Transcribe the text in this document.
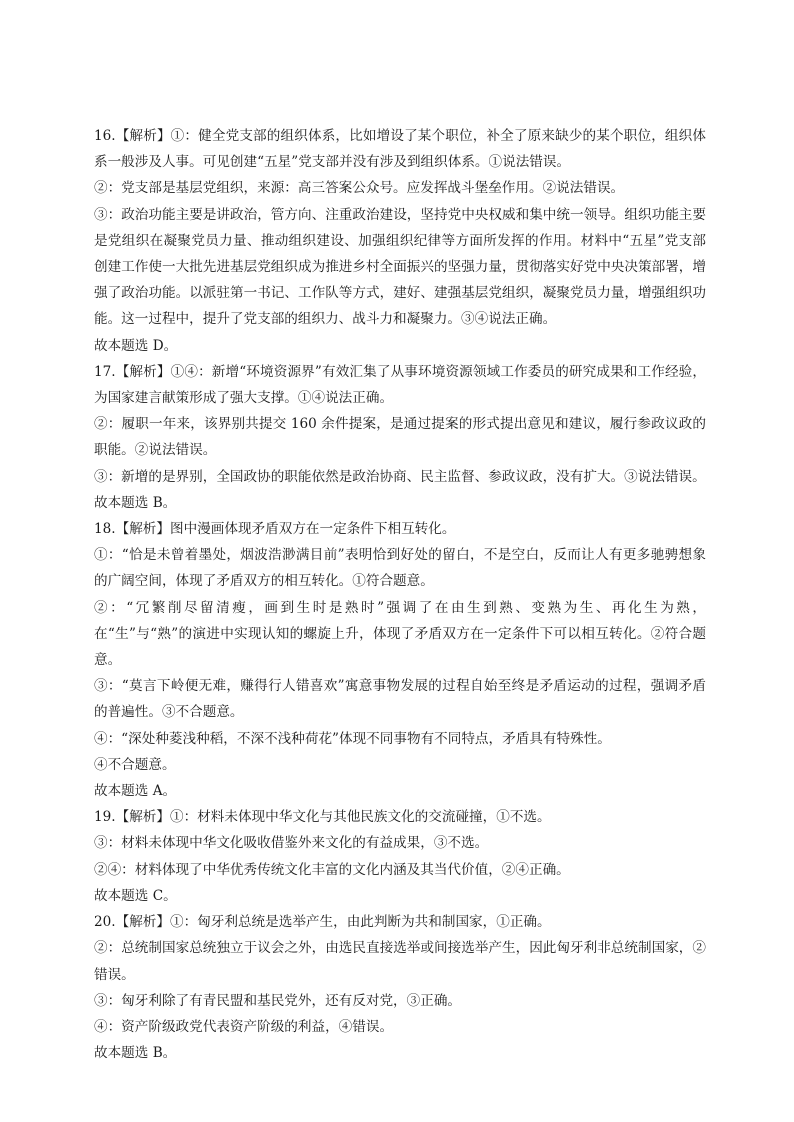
16.【解析】①：健全党支部的组织体系，比如增设了某个职位，补全了原来缺少的某个职位，组织体系一般涉及人事。可见创建“五星”党支部并没有涉及到组织体系。①说法错误。

②：党支部是基层党组织，来源：高三答案公众号。应发挥战斗堡垒作用。②说法错误。

③：政治功能主要是讲政治，管方向、注重政治建设，坚持党中央权威和集中统一领导。组织功能主要是党组织在凝聚党员力量、推动组织建设、加强组织纪律等方面所发挥的作用。材料中“五星”党支部创建工作使一大批先进基层党组织成为推进乡村全面振兴的坚强力量，贯彻落实好党中央决策部署，增强了政治功能。以派驻第一书记、工作队等方式，建好、建强基层党组织，凝聚党员力量，增强组织功能。这一过程中，提升了党支部的组织力、战斗力和凝聚力。③④说法正确。

故本题选 D。

17.【解析】①④：新增“环境资源界”有效汇集了从事环境资源领域工作委员的研究成果和工作经验，为国家建言献策形成了强大支撑。①④说法正确。

②：履职一年来，该界别共提交 160 余件提案，是通过提案的形式提出意见和建议，履行参政议政的职能。②说法错误。

③：新增的是界别，全国政协的职能依然是政治协商、民主监督、参政议政，没有扩大。③说法错误。

故本题选 B。

18.【解析】图中漫画体现矛盾双方在一定条件下相互转化。

①：“恰是未曾着墨处，烟波浩渺满目前”表明恰到好处的留白，不是空白，反而让人有更多驰骋想象的广阔空间，体现了矛盾双方的相互转化。①符合题意。

②：“冗繁削尽留清瘦，画到生时是熟时”强调了在由生到熟、变熟为生、再化生为熟，在“生”与“熟”的演进中实现认知的螺旋上升，体现了矛盾双方在一定条件下可以相互转化。②符合题意。

③：“莫言下岭便无难，赚得行人错喜欢”寓意事物发展的过程自始至终是矛盾运动的过程，强调矛盾的普遍性。③不合题意。

④：“深处种菱浅种稻，不深不浅种荷花”体现不同事物有不同特点，矛盾具有特殊性。

④不合题意。

故本题选 A。

19.【解析】①：材料未体现中华文化与其他民族文化的交流碰撞，①不选。

③：材料未体现中华文化吸收借鉴外来文化的有益成果，③不选。

②④：材料体现了中华优秀传统文化丰富的文化内涵及其当代价值，②④正确。

故本题选 C。

20.【解析】①：匈牙利总统是选举产生，由此判断为共和制国家，①正确。

②：总统制国家总统独立于议会之外，由选民直接选举或间接选举产生，因此匈牙利非总统制国家，②错误。

③：匈牙利除了有青民盟和基民党外，还有反对党，③正确。

④：资产阶级政党代表资产阶级的利益，④错误。

故本题选 B。
